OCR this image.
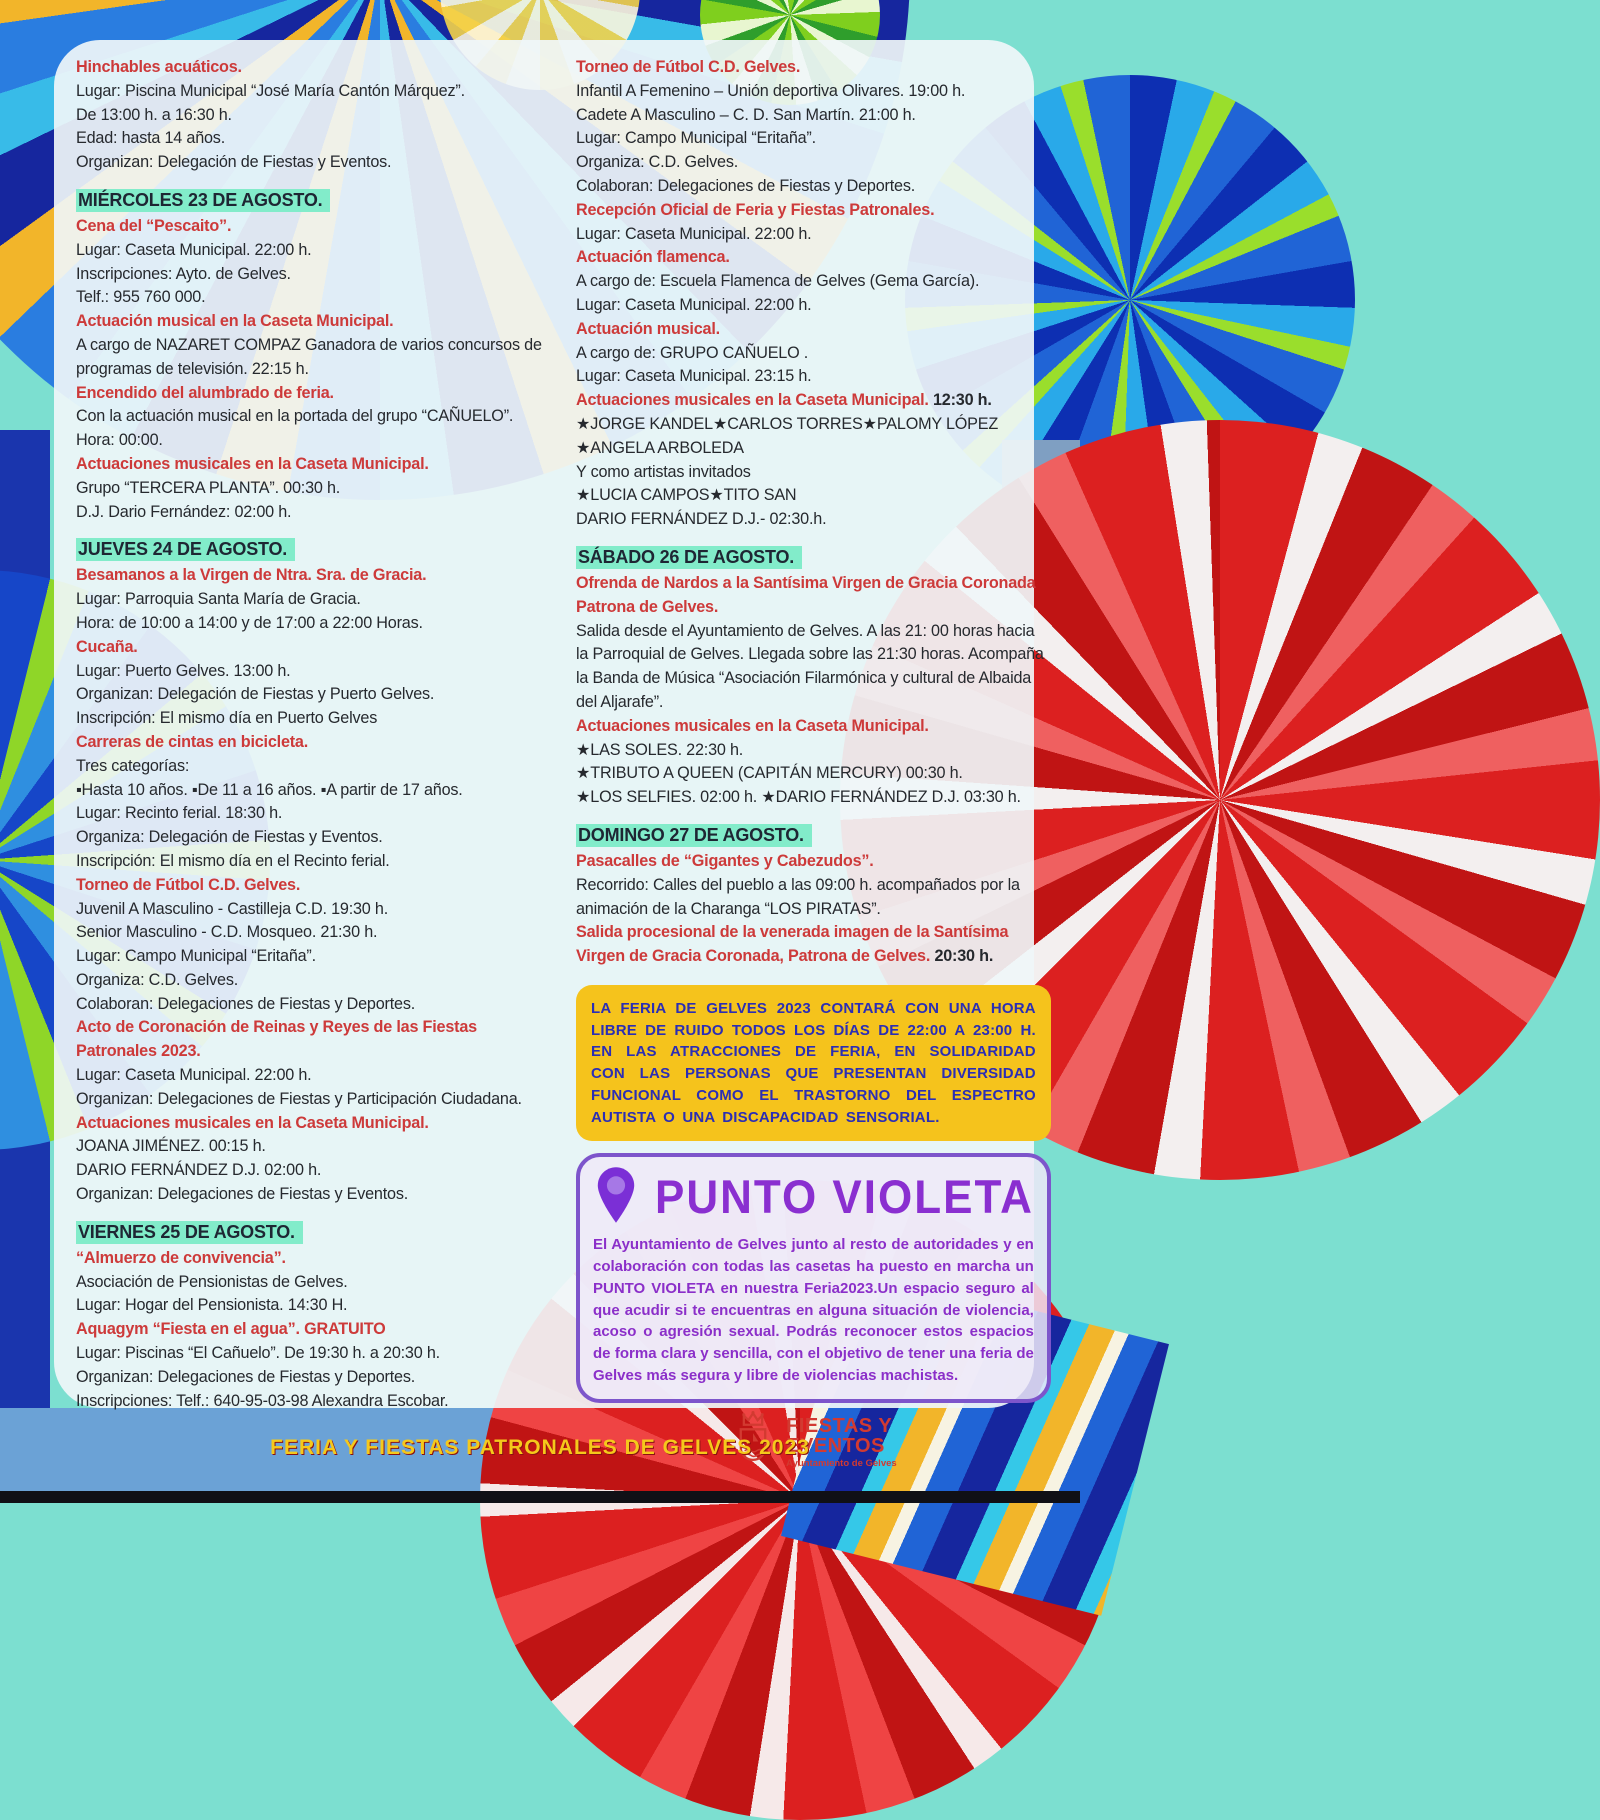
Hinchables acuáticos.
Lugar: Piscina Municipal “José María Cantón Márquez”.
De 13:00 h. a 16:30 h.
Edad: hasta 14 años.
Organizan: Delegación de Fiestas y Eventos.
MIÉRCOLES 23 DE AGOSTO.
Cena del “Pescaito”.
Lugar: Caseta Municipal. 22:00 h.
Inscripciones: Ayto. de Gelves.
Telf.: 955 760 000.
Actuación musical en la Caseta Municipal.
A cargo de NAZARET COMPAZ Ganadora de varios concursos de programas de televisión. 22:15 h.
Encendido del alumbrado de feria.
Con la actuación musical en la portada del grupo “CAÑUELO”.
Hora: 00:00.
Actuaciones musicales en la Caseta Municipal.
Grupo “TERCERA PLANTA”. 00:30 h.
D.J. Dario Fernández: 02:00 h.
JUEVES 24 DE AGOSTO.
Besamanos a la Virgen de Ntra. Sra. de Gracia.
Lugar: Parroquia Santa María de Gracia.
Hora: de 10:00 a 14:00 y de 17:00 a 22:00 Horas.
Cucaña.
Lugar: Puerto Gelves. 13:00 h.
Organizan: Delegación de Fiestas y Puerto Gelves.
Inscripción: El mismo día en Puerto Gelves
Carreras de cintas en bicicleta.
Tres categorías:
▪Hasta 10 años. ▪De 11 a 16 años. ▪A partir de 17 años.
Lugar: Recinto ferial. 18:30 h.
Organiza: Delegación de Fiestas y Eventos.
Inscripción: El mismo día en el Recinto ferial.
Torneo de Fútbol C.D. Gelves.
Juvenil A Masculino - Castilleja C.D. 19:30 h.
Senior Masculino - C.D. Mosqueo. 21:30 h.
Lugar: Campo Municipal “Eritaña”.
Organiza: C.D. Gelves.
Colaboran: Delegaciones de Fiestas y Deportes.
Acto de Coronación de Reinas y Reyes de las Fiestas Patronales 2023.
Lugar: Caseta Municipal. 22:00 h.
Organizan: Delegaciones de Fiestas y Participación Ciudadana.
Actuaciones musicales en la Caseta Municipal.
JOANA JIMÉNEZ. 00:15 h.
DARIO FERNÁNDEZ D.J. 02:00 h.
Organizan: Delegaciones de Fiestas y Eventos.
VIERNES 25 DE AGOSTO.
“Almuerzo de convivencia”.
Asociación de Pensionistas de Gelves.
Lugar: Hogar del Pensionista. 14:30 H.
Aquagym “Fiesta en el agua”. GRATUITO
Lugar: Piscinas “El Cañuelo”. De 19:30 h. a 20:30 h.
Organizan: Delegaciones de Fiestas y Deportes.
Inscripciones: Telf.: 640-95-03-98 Alexandra Escobar.
Torneo de Fútbol C.D. Gelves.
Infantil A Femenino – Unión deportiva Olivares. 19:00 h.
Cadete A Masculino – C. D. San Martín. 21:00 h.
Lugar: Campo Municipal “Eritaña”.
Organiza: C.D. Gelves.
Colaboran: Delegaciones de Fiestas y Deportes.
Recepción Oficial de Feria y Fiestas Patronales.
Lugar: Caseta Municipal. 22:00 h.
Actuación flamenca.
A cargo de: Escuela Flamenca de Gelves (Gema García).
Lugar: Caseta Municipal. 22:00 h.
Actuación musical.
A cargo de: GRUPO CAÑUELO .
Lugar: Caseta Municipal. 23:15 h.
Actuaciones musicales en la Caseta Municipal. 12:30 h.
★JORGE KANDEL★CARLOS TORRES★PALOMY LÓPEZ
★ANGELA ARBOLEDA
Y como artistas invitados
★LUCIA CAMPOS★TITO SAN
DARIO FERNÁNDEZ D.J.- 02:30.h.
SÁBADO 26 DE AGOSTO.
Ofrenda de Nardos a la Santísima Virgen de Gracia Coronada Patrona de Gelves.
Salida desde el Ayuntamiento de Gelves. A las 21: 00 horas hacia la Parroquial de Gelves. Llegada sobre las 21:30 horas. Acompaña la Banda de Música “Asociación Filarmónica y cultural de Albaida del Aljarafe”.
Actuaciones musicales en la Caseta Municipal.
★LAS SOLES. 22:30 h.
★TRIBUTO A QUEEN (CAPITÁN MERCURY) 00:30 h.
★LOS SELFIES. 02:00 h. ★DARIO FERNÁNDEZ D.J. 03:30 h.
DOMINGO 27 DE AGOSTO.
Pasacalles de “Gigantes y Cabezudos”.
Recorrido: Calles del pueblo a las 09:00 h. acompañados por la animación de la Charanga “LOS PIRATAS”.
Salida procesional de la venerada imagen de la Santísima Virgen de Gracia Coronada, Patrona de Gelves. 20:30 h.
LA FERIA DE GELVES 2023 CONTARÁ CON UNA HORA LIBRE DE RUIDO TODOS LOS DÍAS DE 22:00 A 23:00 H. EN LAS ATRACCIONES DE FERIA, EN SOLIDARIDAD CON LAS PERSONAS QUE PRESENTAN DIVERSIDAD FUNCIONAL COMO EL TRASTORNO DEL ESPECTRO AUTISTA O UNA DISCAPACIDAD SENSORIAL.
PUNTO VIOLETA
El Ayuntamiento de Gelves junto al resto de autoridades y en colaboración con todas las casetas ha puesto en marcha un PUNTO VIOLETA en nuestra Feria2023.Un espacio seguro al que acudir si te encuentras en alguna situación de violencia, acoso o agresión sexual. Podrás reconocer estos espacios de forma clara y sencilla, con el objetivo de tener una feria de Gelves más segura y libre de violencias machistas.
FIESTAS Y
EVENTOS
Ayuntamiento de Gelves
FERIA Y FIESTAS PATRONALES DE GELVES 2023
